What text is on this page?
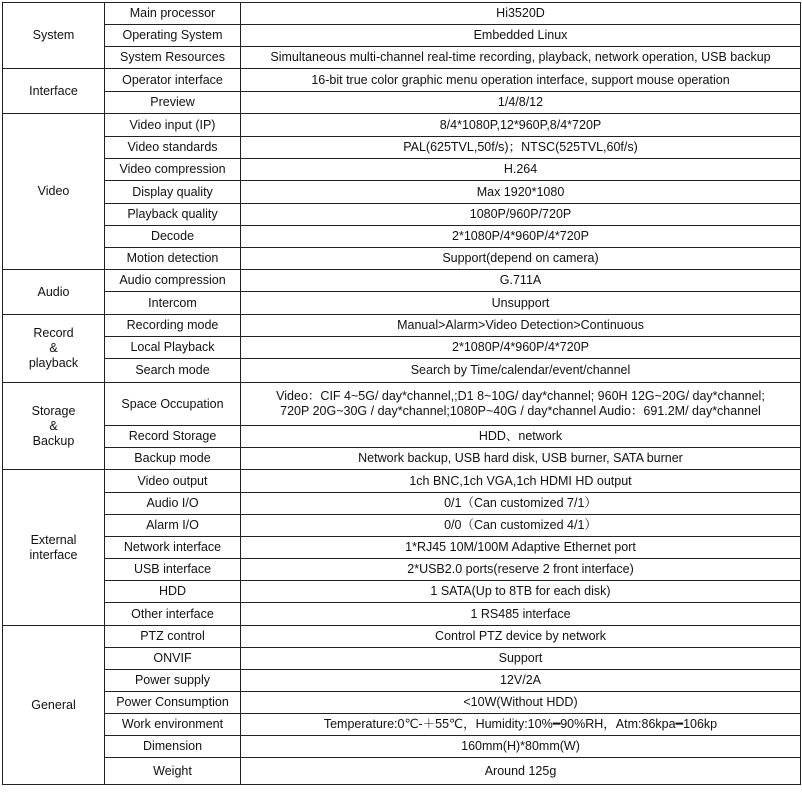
System	Main processor	Hi3520D
	Operating System	Embedded Linux
	System Resources	Simultaneous multi-channel real-time recording, playback, network operation, USB backup
Interface	Operator interface	16-bit true color graphic menu operation interface, support mouse operation
	Preview	1/4/8/12
Video	Video input (IP)	8/4*1080P,12*960P,8/4*720P
	Video standards	PAL(625TVL,50f/s)；NTSC(525TVL,60f/s)
	Video compression	H.264
	Display quality	Max 1920*1080
	Playback quality	1080P/960P/720P
	Decode	2*1080P/4*960P/4*720P
	Motion detection	Support(depend on camera)
Audio	Audio compression	G.711A
	Intercom	Unsupport
Record
&
playback	Recording mode	Manual>Alarm>Video Detection>Continuous
	Local Playback	2*1080P/4*960P/4*720P
	Search mode	Search by Time/calendar/event/channel
Storage
&
Backup	Space Occupation	Video：CIF 4~5G/ day*channel,;D1 8~10G/ day*channel; 960H 12G~20G/ day*channel;
720P 20G~30G / day*channel;1080P~40G / day*channel Audio：691.2M/ day*channel
	Record Storage	HDD、network
	Backup mode	Network backup, USB hard disk, USB burner, SATA burner
External
interface	Video output	1ch BNC,1ch VGA,1ch HDMI HD output
	Audio I/O	0/1（Can customized 7/1）
	Alarm I/O	0/0（Can customized 4/1）
	Network interface	1*RJ45 10M/100M Adaptive Ethernet port
	USB interface	2*USB2.0 ports(reserve 2 front interface)
	HDD	1 SATA(Up to 8TB for each disk)
	Other interface	1 RS485 interface
General	PTZ control	Control PTZ device by network
	ONVIF	Support
	Power supply	12V/2A
	Power Consumption	<10W(Without HDD)
	Work environment	Temperature:0℃-＋55℃，Humidity:10%━90%RH，Atm:86kpa━106kp
	Dimension	160mm(H)*80mm(W)
	Weight	Around 125g
